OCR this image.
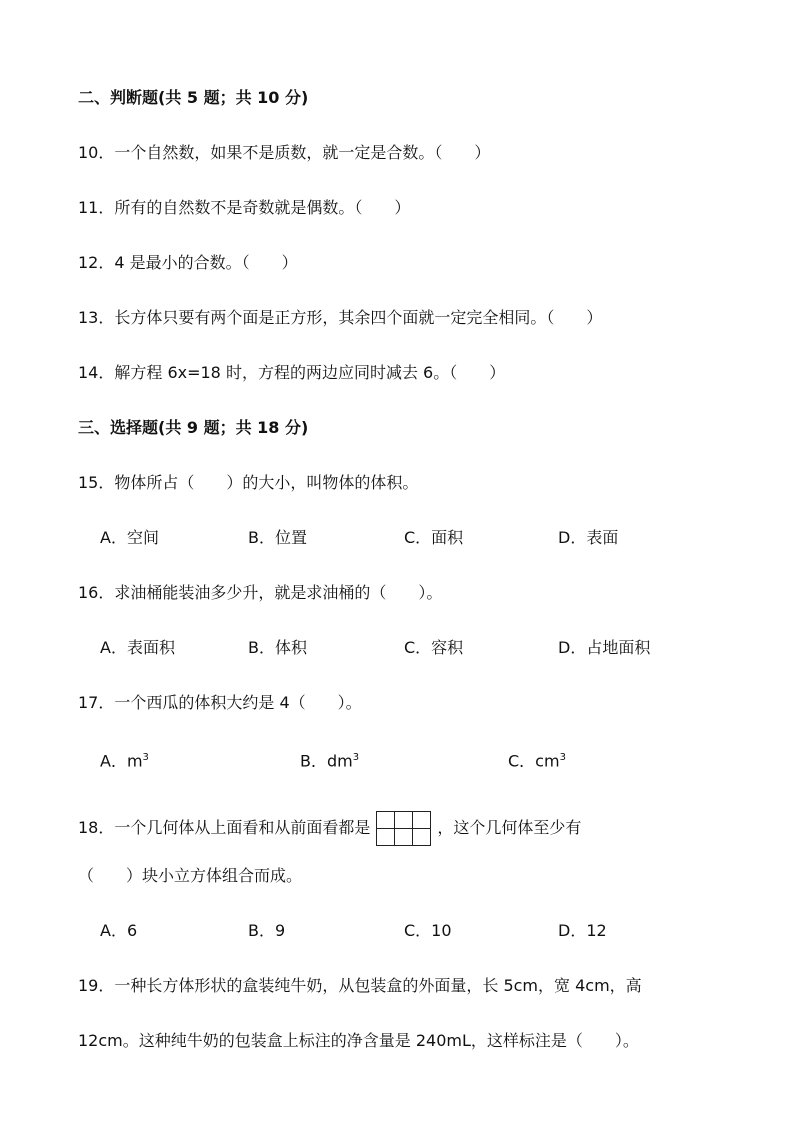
二、判断题(共 5 题；共 10 分)
10．一个自然数，如果不是质数，就一定是合数。（　　）
11．所有的自然数不是奇数就是偶数。（　　）
12．4 是最小的合数。（　　）
13．长方体只要有两个面是正方形，其余四个面就一定完全相同。（　　）
14．解方程 6x=18 时，方程的两边应同时减去 6。（　　）
三、选择题(共 9 题；共 18 分)
15．物体所占（　　）的大小，叫物体的体积。
A．空间	B．位置	C．面积	D．表面
16．求油桶能装油多少升，就是求油桶的（　　）。
A．表面积	B．体积	C．容积	D．占地面积
17．一个西瓜的体积大约是 4（　　）。
A．$m^3$	B．$dm^3$	C．$cm^3$
18．一个几何体从上面看和从前面看都是		
			，这个几何体至少有
（　　）块小立方体组合而成。
A．6	B．9	C．10	D．12
19．一种长方体形状的盒装纯牛奶，从包装盒的外面量，长 5cm，宽 4cm，高
12cm。这种纯牛奶的包装盒上标注的净含量是 240mL，这样标注是（　　）。
